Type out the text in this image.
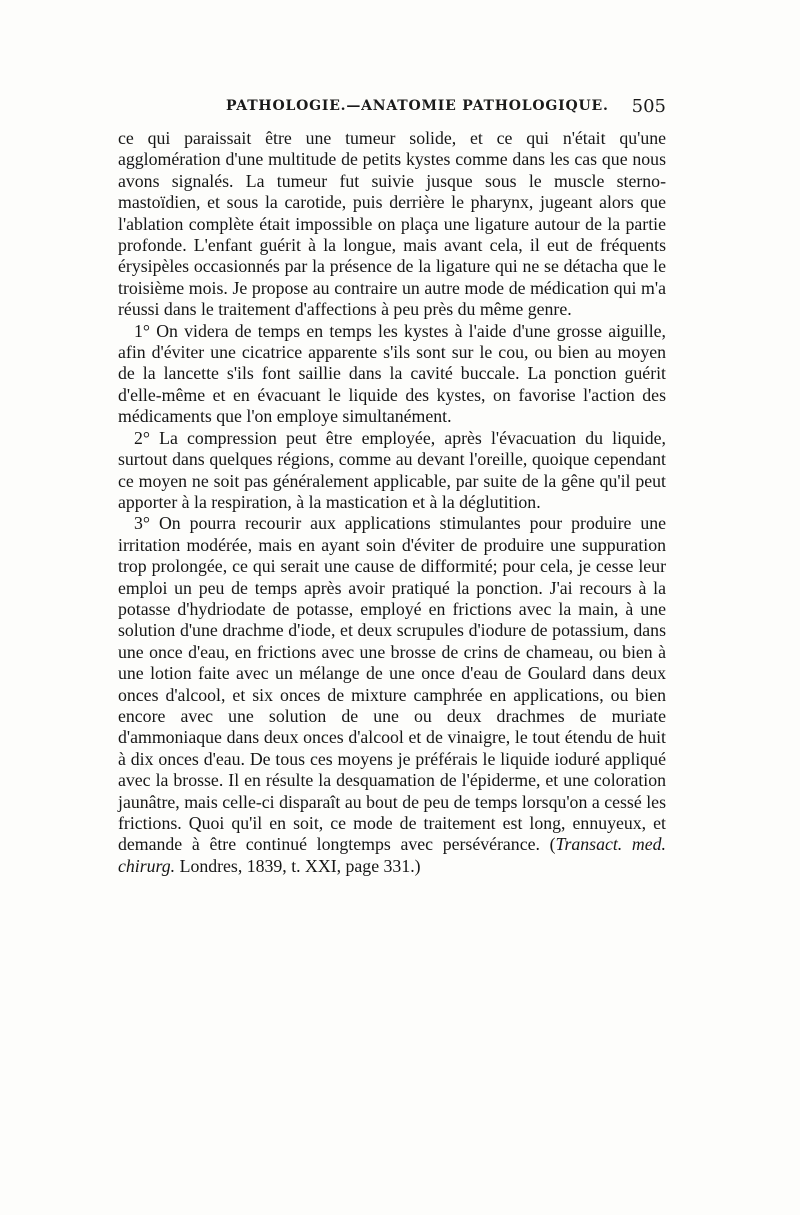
PATHOLOGIE.—ANATOMIE PATHOLOGIQUE. 505

ce qui paraissait être une tumeur solide, et ce qui n'était qu'une agglomération d'une multitude de petits kystes comme dans les cas que nous avons signalés. La tumeur fut suivie jusque sous le muscle sterno-mastoïdien, et sous la carotide, puis derrière le pharynx, jugeant alors que l'ablation complète était impossible on plaça une ligature autour de la partie profonde. L'enfant guérit à la longue, mais avant cela, il eut de fréquents érysipèles occasionnés par la présence de la ligature qui ne se détacha que le troisième mois. Je propose au contraire un autre mode de médication qui m'a réussi dans le traitement d'affections à peu près du même genre.

1° On videra de temps en temps les kystes à l'aide d'une grosse aiguille, afin d'éviter une cicatrice apparente s'ils sont sur le cou, ou bien au moyen de la lancette s'ils font saillie dans la cavité buccale. La ponction guérit d'elle-même et en évacuant le liquide des kystes, on favorise l'action des médicaments que l'on employe simultanément.

2° La compression peut être employée, après l'évacuation du liquide, surtout dans quelques régions, comme au devant l'oreille, quoique cependant ce moyen ne soit pas généralement applicable, par suite de la gêne qu'il peut apporter à la respiration, à la mastication et à la déglutition.

3° On pourra recourir aux applications stimulantes pour produire une irritation modérée, mais en ayant soin d'éviter de produire une suppuration trop prolongée, ce qui serait une cause de difformité; pour cela, je cesse leur emploi un peu de temps après avoir pratiqué la ponction. J'ai recours à la potasse d'hydriodate de potasse, employé en frictions avec la main, à une solution d'une drachme d'iode, et deux scrupules d'iodure de potassium, dans une once d'eau, en frictions avec une brosse de crins de chameau, ou bien à une lotion faite avec un mélange de une once d'eau de Goulard dans deux onces d'alcool, et six onces de mixture camphrée en applications, ou bien encore avec une solution de une ou deux drachmes de muriate d'ammoniaque dans deux onces d'alcool et de vinaigre, le tout étendu de huit à dix onces d'eau. De tous ces moyens je préférais le liquide ioduré appliqué avec la brosse. Il en résulte la desquamation de l'épiderme, et une coloration jaunâtre, mais celle-ci disparaît au bout de peu de temps lorsqu'on a cessé les frictions. Quoi qu'il en soit, ce mode de traitement est long, ennuyeux, et demande à être continué longtemps avec persévérance. (Transact. med. chirurg. Londres, 1839, t. XXI, page 331.)
